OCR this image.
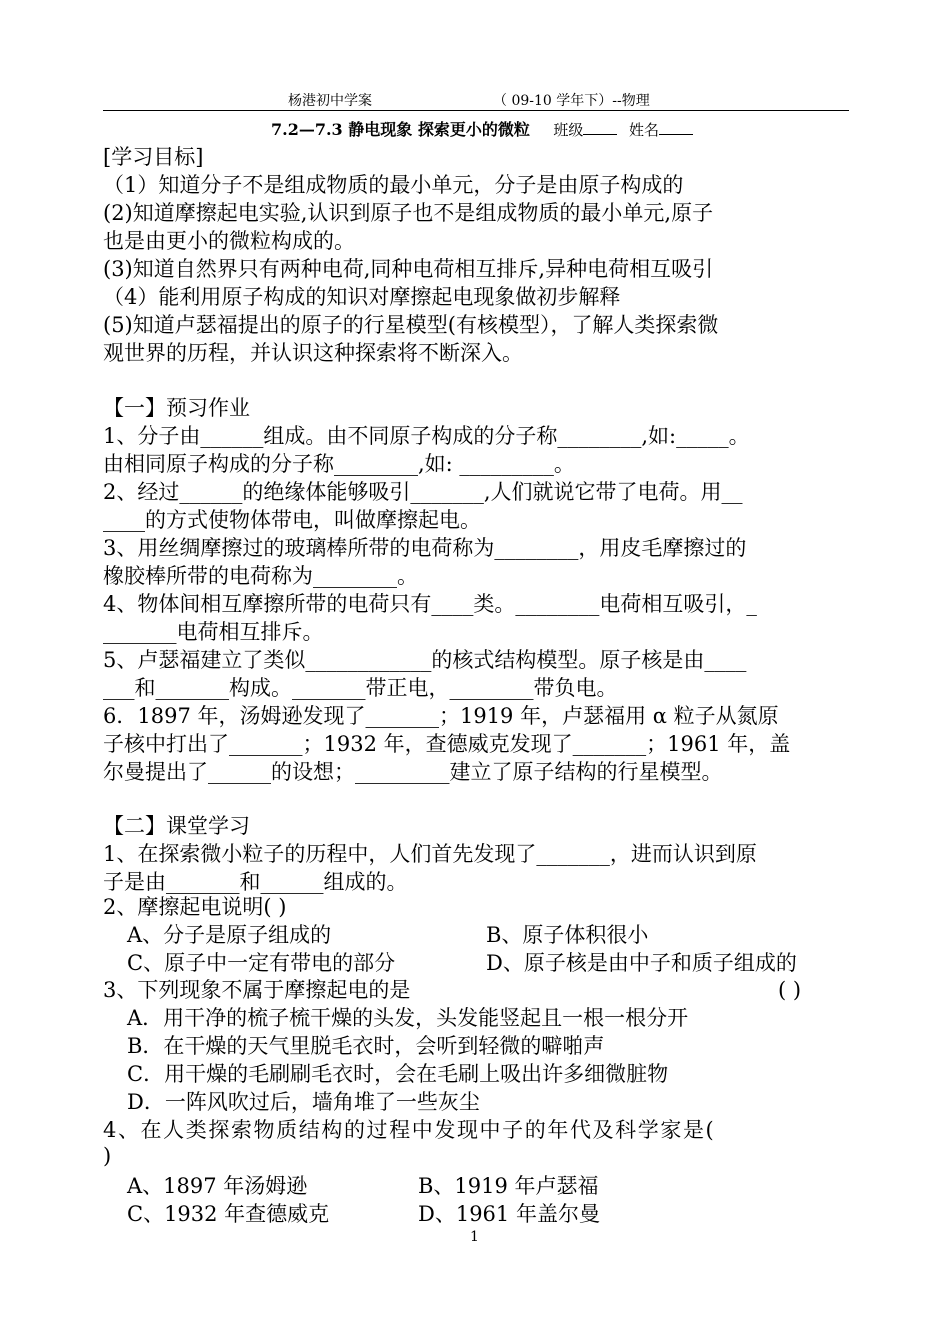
杨港初中学案	（ 09-10 学年下）--物理
7.2—7.3 静电现象 探索更小的微粒 班级	姓名
[学习目标]
（1）知道分子不是组成物质的最小单元，分子是由原子构成的
(2)知道摩擦起电实验,认识到原子也不是组成物质的最小单元,原子
也是由更小的微粒构成的。
(3)知道自然界只有两种电荷,同种电荷相互排斥,异种电荷相互吸引
（4）能利用原子构成的知识对摩擦起电现象做初步解释
(5)知道卢瑟福提出的原子的行星模型(有核模型），了解人类探索微
观世界的历程，并认识这种探索将不断深入。
【一】预习作业
1、分子由______组成。由不同原子构成的分子称________,如:_____。
由相同原子构成的分子称________,如: _________。
2、经过______的绝缘体能够吸引_______,人们就说它带了电荷。用__
____的方式使物体带电，叫做摩擦起电。
3、用丝绸摩擦过的玻璃棒所带的电荷称为________，用皮毛摩擦过的
橡胶棒所带的电荷称为________。
4、物体间相互摩擦所带的电荷只有____类。________电荷相互吸引，_
_______电荷相互排斥。
5、卢瑟福建立了类似____________的核式结构模型。原子核是由____
___和_______构成。_______带正电，________带负电。
6．1897 年，汤姆逊发现了_______；1919 年，卢瑟福用 α 粒子从氮原
子核中打出了_______；1932 年，查德威克发现了_______；1961 年，盖
尔曼提出了______的设想；_________建立了原子结构的行星模型。
【二】课堂学习
1、在探索微小粒子的历程中，人们首先发现了_______，进而认识到原
子是由_______和______组成的。
2、摩擦起电说明( )
A、分子是原子组成的	B、原子体积很小
C、原子中一定有带电的部分	D、原子核是由中子和质子组成的
3、下列现象不属于摩擦起电的是	( )
A．用干净的梳子梳干燥的头发，头发能竖起且一根一根分开
B．在干燥的天气里脱毛衣时，会听到轻微的噼啪声
C．用干燥的毛刷刷毛衣时，会在毛刷上吸出许多细微脏物
D．一阵风吹过后，墙角堆了一些灰尘
4、在人类探索物质结构的过程中发现中子的年代及科学家是(
)
A、1897 年汤姆逊	B、1919 年卢瑟福
C、1932 年查德威克	D、1961 年盖尔曼
1
